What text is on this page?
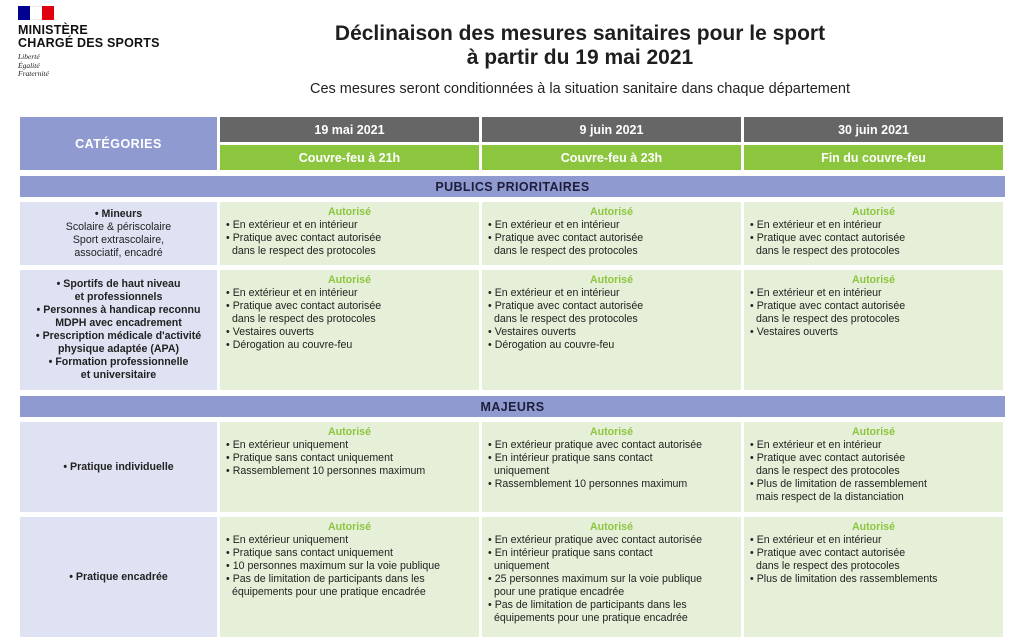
MINISTÈRE
CHARGÉ DES SPORTS
Liberté
Égalité
Fraternité
Déclinaison des mesures sanitaires pour le sport
à partir du 19 mai 2021
Ces mesures seront conditionnées à la situation sanitaire dans chaque département
CATÉGORIES
19 mai 2021
Couvre-feu à 21h
9 juin 2021
Couvre-feu à 23h
30 juin 2021
Fin du couvre-feu
PUBLICS PRIORITAIRES
• Mineurs
Scolaire & périscolaire
Sport extrascolaire,
associatif, encadré
Autorisé
• En extérieur et en intérieur
• Pratique avec contact autorisée
dans le respect des protocoles
Autorisé
• En extérieur et en intérieur
• Pratique avec contact autorisée
dans le respect des protocoles
Autorisé
• En extérieur et en intérieur
• Pratique avec contact autorisée
dans le respect des protocoles
• Sportifs de haut niveau
et professionnels
• Personnes à handicap reconnu
MDPH avec encadrement
• Prescription médicale d'activité
physique adaptée (APA)
• Formation professionnelle
et universitaire
Autorisé
• En extérieur et en intérieur
• Pratique avec contact autorisée
dans le respect des protocoles
• Vestaires ouverts
• Dérogation au couvre-feu
Autorisé
• En extérieur et en intérieur
• Pratique avec contact autorisée
dans le respect des protocoles
• Vestaires ouverts
• Dérogation au couvre-feu
Autorisé
• En extérieur et en intérieur
• Pratique avec contact autorisée
dans le respect des protocoles
• Vestaires ouverts
MAJEURS
• Pratique individuelle
Autorisé
• En extérieur uniquement
• Pratique sans contact uniquement
• Rassemblement 10 personnes maximum
Autorisé
• En extérieur pratique avec contact autorisée
• En intérieur pratique sans contact
uniquement
• Rassemblement 10 personnes maximum
Autorisé
• En extérieur et en intérieur
• Pratique avec contact autorisée
dans le respect des protocoles
• Plus de limitation de rassemblement
mais respect de la distanciation
• Pratique encadrée
Autorisé
• En extérieur uniquement
• Pratique sans contact uniquement
• 10 personnes maximum sur la voie publique
• Pas de limitation de participants dans les
équipements pour une pratique encadrée
Autorisé
• En extérieur pratique avec contact autorisée
• En intérieur pratique sans contact
uniquement
• 25 personnes maximum sur la voie publique
pour une pratique encadrée
• Pas de limitation de participants dans les
équipements pour une pratique encadrée
Autorisé
• En extérieur et en intérieur
• Pratique avec contact autorisée
dans le respect des protocoles
• Plus de limitation des rassemblements
